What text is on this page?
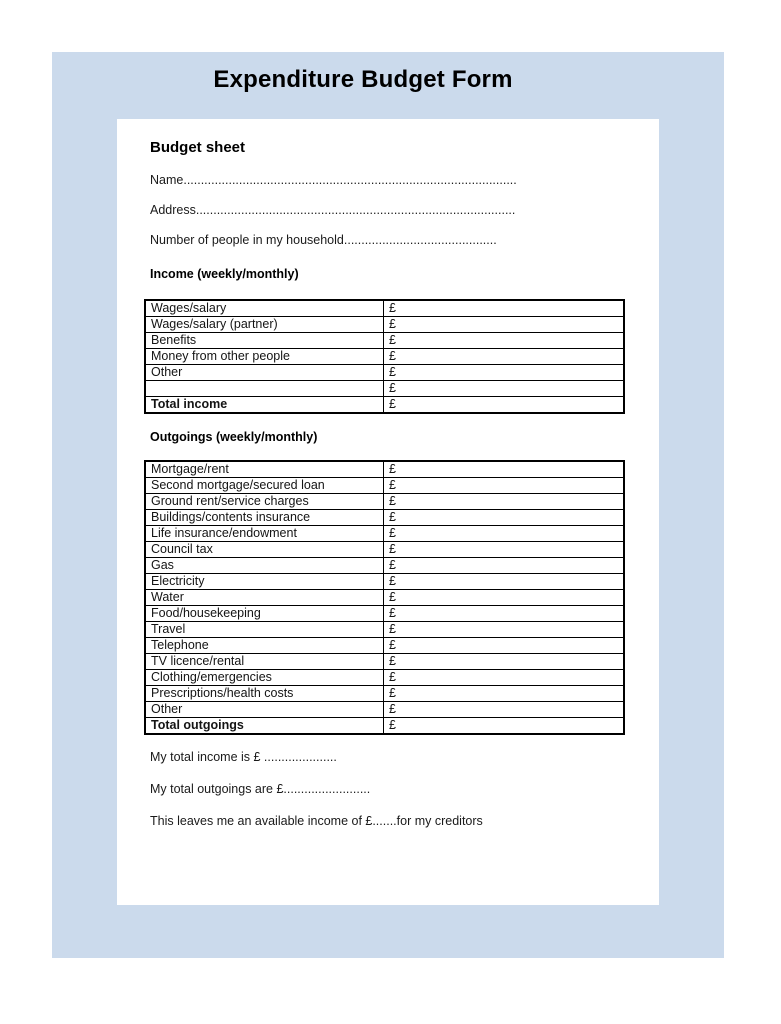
Expenditure Budget Form
Budget sheet
Name................................................................................................
Address............................................................................................
Number of people in my household............................................
Income (weekly/monthly)
Wages/salary	£
Wages/salary (partner)	£
Benefits	£
Money from other people	£
Other	£
	£
Total income	£
Outgoings (weekly/monthly)
Mortgage/rent	£
Second mortgage/secured loan	£
Ground rent/service charges	£
Buildings/contents insurance	£
Life insurance/endowment	£
Council tax	£
Gas	£
Electricity	£
Water	£
Food/housekeeping	£
Travel	£
Telephone	£
TV licence/rental	£
Clothing/emergencies	£
Prescriptions/health costs	£
Other	£
Total outgoings	£
My total income is £ .....................
My total outgoings are £.........................
This leaves me an available income of £.......for my creditors
